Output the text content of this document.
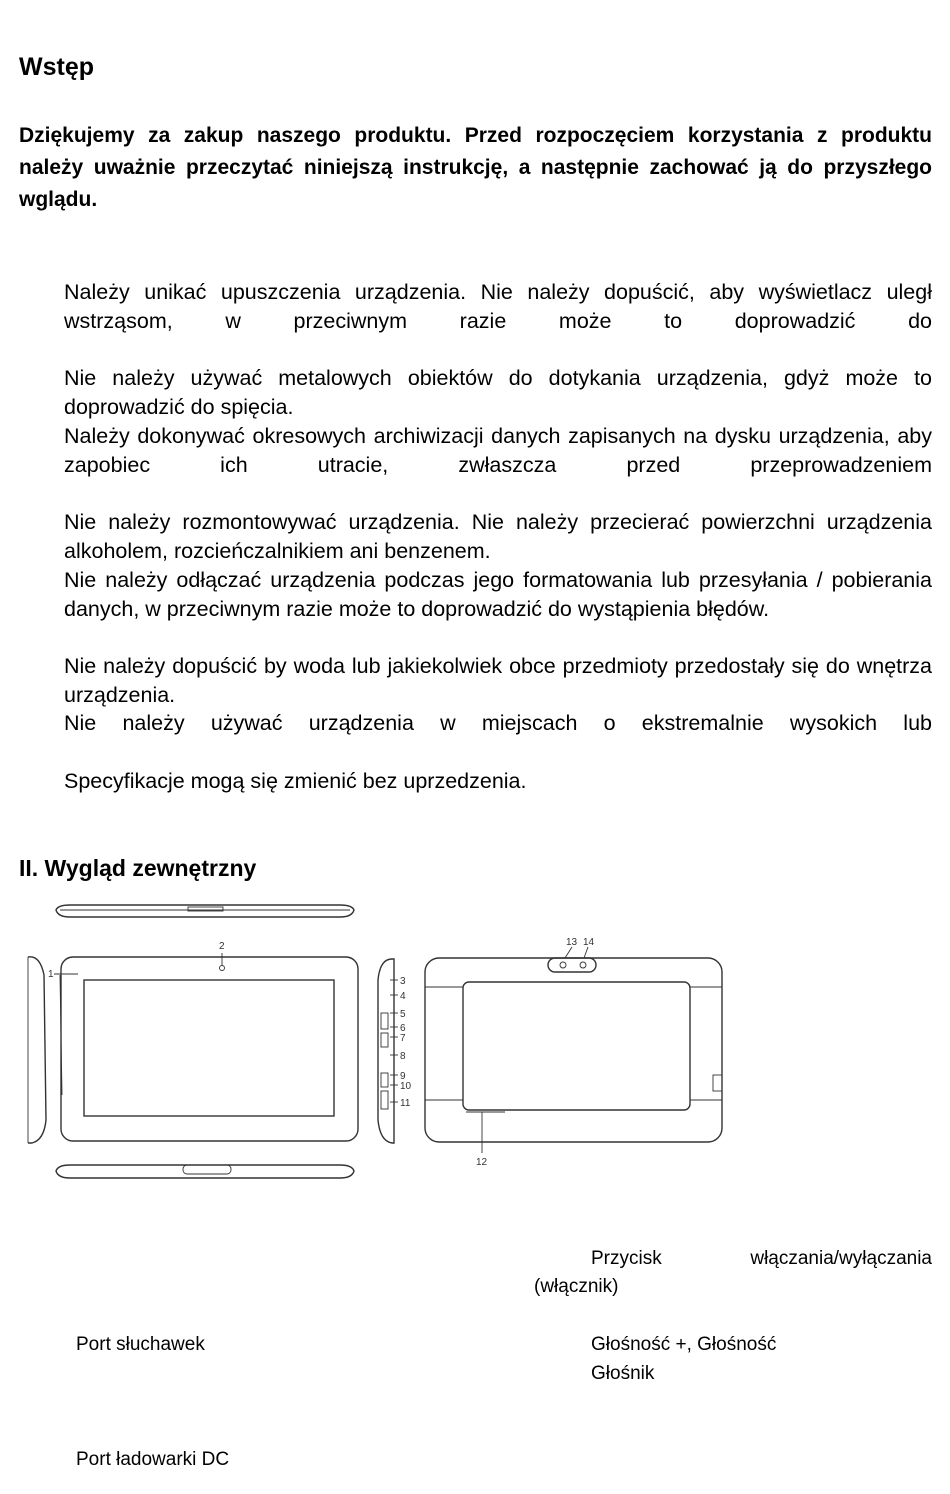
Wstęp
Dziękujemy za zakup naszego produktu. Przed rozpoczęciem korzystania z produktu należy uważnie przeczytać niniejszą instrukcję, a następnie zachować ją do przyszłego wglądu.
Należy unikać upuszczenia urządzenia. Nie należy dopuścić, aby wyświetlacz uległ wstrząsom, w przeciwnym razie może to doprowadzić do
Nie należy używać metalowych obiektów do dotykania urządzenia, gdyż może to doprowadzić do spięcia.
Należy dokonywać okresowych archiwizacji danych zapisanych na dysku urządzenia, aby zapobiec ich utracie, zwłaszcza przed przeprowadzeniem
Nie należy rozmontowywać urządzenia. Nie należy przecierać powierzchni urządzenia alkoholem, rozcieńczalnikiem ani benzenem.
Nie należy odłączać urządzenia podczas jego formatowania lub przesyłania / pobierania danych, w przeciwnym razie może to doprowadzić do wystąpienia błędów.
Nie należy dopuścić by woda lub jakiekolwiek obce przedmioty przedostały się do wnętrza urządzenia.
Nie należy używać urządzenia w miejscach o ekstremalnie wysokich lub
Specyfikacje mogą się zmienić bez uprzedzenia.
II. Wygląd zewnętrzny
1
2
3
4
5
6
7
8
9
10
11
12
13 14
Przycisk	włączania/wyłączania
(włącznik)
Port słuchawek	Głośność +, Głośność
Głośnik
Port ładowarki DC
